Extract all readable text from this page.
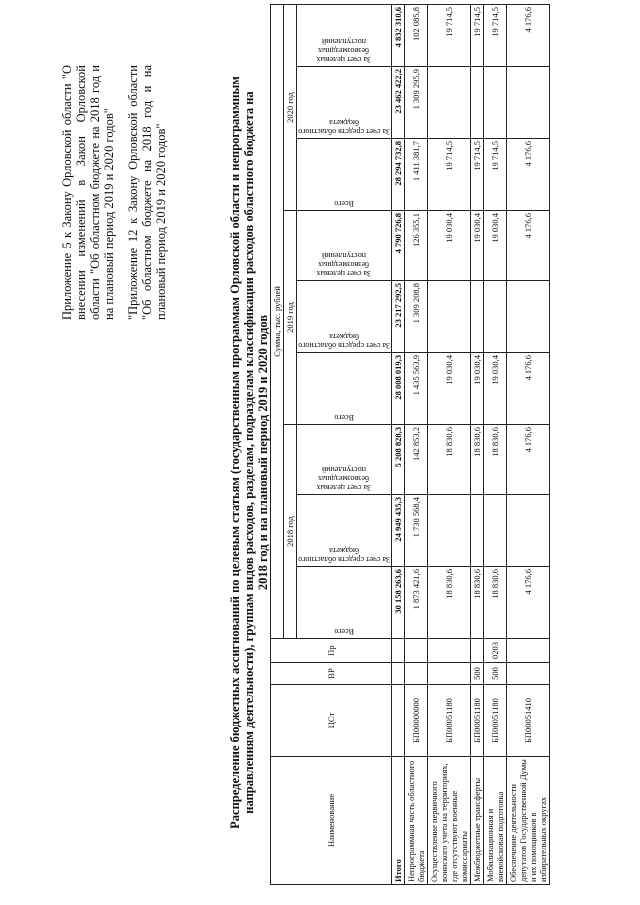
Приложение 5 к Закону Орловской области "О внесении изменений в Закон Орловской области "Об областном бюджете на 2018 год и на плановый период 2019 и 2020 годов" "Приложение 12 к Закону Орловской области "Об областном бюджете на 2018 год и на плановый период 2019 и 2020 годов"	Распределение бюджетных ассигнований по целевым статьям (государственным программам Орловской области и непрограммным направлениям деятельности), группам видов расходов, разделам, подразделам классификации расходов областного бюджета на 2018 год и на плановый период 2019 и 2020 годов
Наименование	ЦСт	ВР	Пр	Сумма, тыс. рублей								
				2018 год			2019 год			2020 год		

				Всего	За счет средств областного бюджета	За счет целевых безвозмездных поступлений	Всего	За счет средств областного бюджета	За счет целевых безвозмездных поступлений	Всего	За счет средств областного бюджета	За счет целевых безвозмездных поступлений

Итого				30 158 263,6	24 949 435,3	5 208 828,3	28 008 019,3	23 217 292,5	4 790 726,8	28 294 732,8	23 462 422,2	4 832 310,6
Непрограммная часть областного бюджета	БП00000000			1 873 421,6	1 730 568,4	142 853,2	1 435 563,9	1 309 208,8	126 355,1	1 411 381,7	1 309 295,9	102 085,8
Осуществление первичного воинского учета на территориях, где отсутствуют военные комиссариаты	БП00051180			18 830,6		18 830,6	19 030,4		19 030,4	19 714,5		19 714,5
Межбюджетные трансферты	БП00051180	500		18 830,6		18 830,6	19 030,4		19 030,4	19 714,5		19 714,5
Мобилизационная и вневойсковая подготовка	БП00051180	500	0203	18 830,6		18 830,6	19 030,4		19 030,4	19 714,5		19 714,5
Обеспечение деятельности депутатов Государственной Думы и их помощников в избирательных округах	БП00051410			4 176,6		4 176,6	4 176,6		4 176,6	4 176,6		4 176,6
